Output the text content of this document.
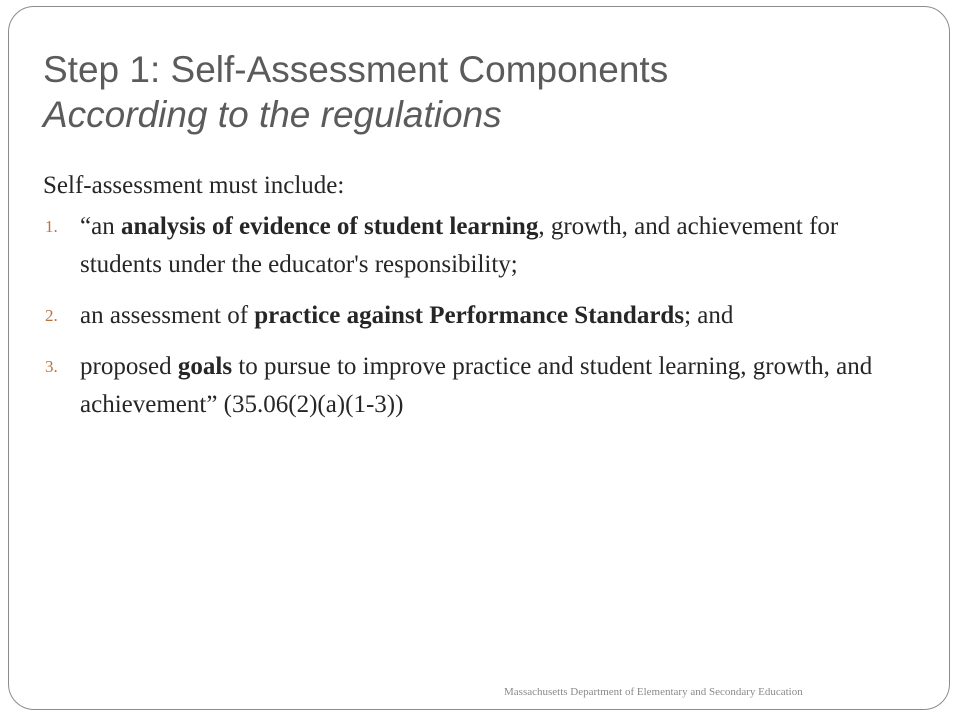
Step 1: Self-Assessment Components
According to the regulations

Self-assessment must include:

1. “an analysis of evidence of student learning, growth, and achievement for students under the educator's responsibility;
2. an assessment of practice against Performance Standards; and
3. proposed goals to pursue to improve practice and student learning, growth, and achievement” (35.06(2)(a)(1-3))
Massachusetts Department of Elementary and Secondary Education
